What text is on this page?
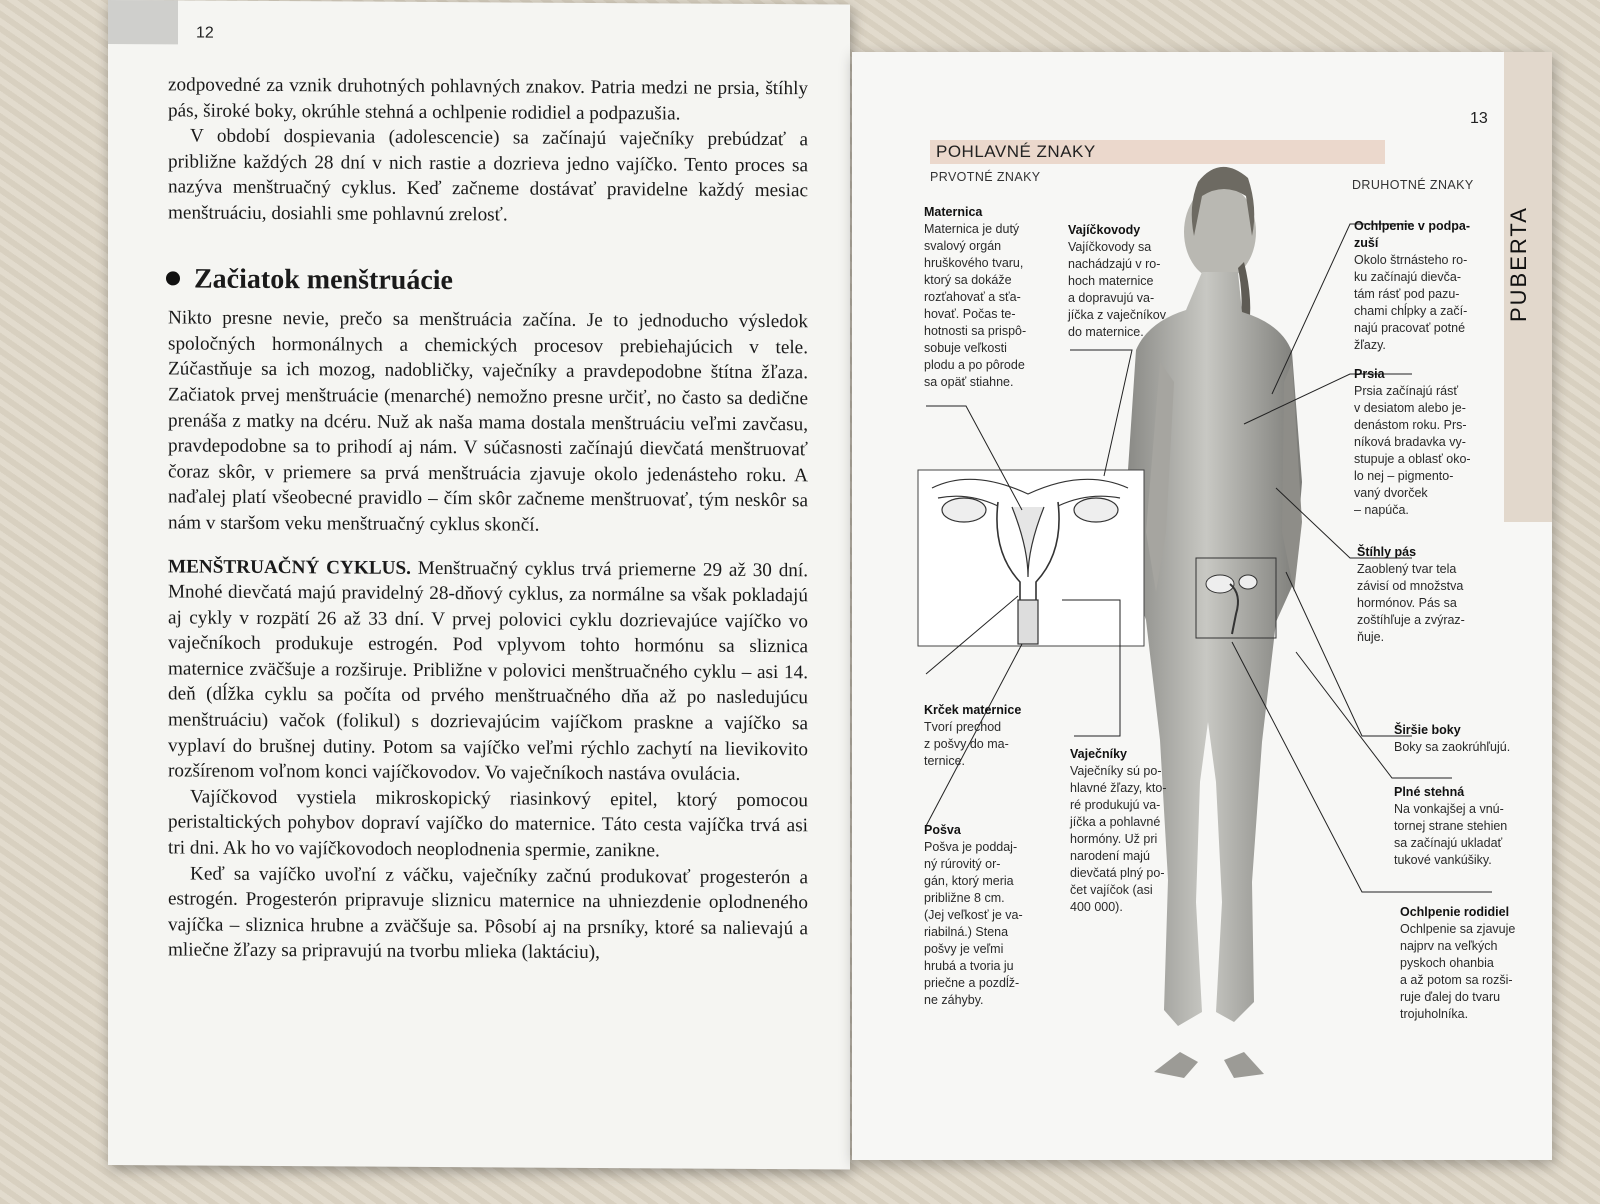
12

zodpovedné za vznik druhotných pohlavných znakov. Patria medzi ne prsia, štíhly pás, široké boky, okrúhle stehná a ochlpenie rodidiel a podpazušia.

V období dospievania (adolescencie) sa začínajú vaječníky prebúdzať a približne každých 28 dní v nich rastie a dozrieva jedno vajíčko. Tento proces sa nazýva menštruačný cyklus. Keď začneme dostávať pravidelne každý mesiac menštruáciu, dosiahli sme pohlavnú zrelosť.

Začiatok menštruácie

Nikto presne nevie, prečo sa menštruácia začína. Je to jednoducho výsledok spoločných hormonálnych a chemických procesov prebiehajúcich v tele. Zúčastňuje sa ich mozog, nadobličky, vaječníky a pravdepodobne štítna žľaza. Začiatok prvej menštruácie (menarché) nemožno presne určiť, no často sa dedične prenáša z matky na dcéru. Nuž ak naša mama dostala menštruáciu veľmi zavčasu, pravdepodobne sa to prihodí aj nám. V súčasnosti začínajú dievčatá menštruovať čoraz skôr, v priemere sa prvá menštruácia zjavuje okolo jedenásteho roku. A naďalej platí všeobecné pravidlo – čím skôr začneme menštruovať, tým neskôr sa nám v staršom veku menštruačný cyklus skončí.

MENŠTRUAČNÝ CYKLUS. Menštruačný cyklus trvá priemerne 29 až 30 dní. Mnohé dievčatá majú pravidelný 28-dňový cyklus, za normálne sa však pokladajú aj cykly v rozpätí 26 až 33 dní. V prvej polovici cyklu dozrievajúce vajíčko vo vaječníkoch produkuje estrogén. Pod vplyvom tohto hormónu sa sliznica maternice zväčšuje a rozširuje. Približne v polovici menštruačného cyklu – asi 14. deň (dĺžka cyklu sa počíta od prvého menštruačného dňa až po nasledujúcu menštruáciu) vačok (folikul) s dozrievajúcim vajíčkom praskne a vajíčko sa vyplaví do brušnej dutiny. Potom sa vajíčko veľmi rýchlo zachytí na lievikovito rozšírenom voľnom konci vajíčkovodov. Vo vaječníkoch nastáva ovulácia.

Vajíčkovod vystiela mikroskopický riasinkový epitel, ktorý pomocou peristaltických pohybov dopraví vajíčko do maternice. Táto cesta vajíčka trvá asi tri dni. Ak ho vo vajíčkovodoch neoplodnenia spermie, zanikne.

Keď sa vajíčko uvoľní z váčku, vaječníky začnú produkovať progesterón a estrogén. Progesterón pripravuje sliznicu maternice na uhniezdenie oplodneného vajíčka – sliznica hrubne a zväčšuje sa. Pôsobí aj na prsníky, ktoré sa nalievajú a mliečne žľazy sa pripravujú na tvorbu mlieka (laktáciu),

PUBERTA
13
POHLAVNÉ ZNAKY
PRVOTNÉ ZNAKY
DRUHOTNÉ ZNAKY
Maternica
Maternica je dutý
svalový orgán
hruškového tvaru,
ktorý sa dokáže
rozťahovať a sťa-
hovať. Počas te-
hotnosti sa prispô-
sobuje veľkosti
plodu a po pôrode
sa opäť stiahne.
Vajíčkovody
Vajíčkovody sa
nachádzajú v ro-
hoch maternice
a dopravujú va-
jíčka z vaječníkov
do maternice.
Krček maternice
Tvorí prechod
z pošvy do ma-
ternice.	Vaječníky
Vaječníky sú po-
hlavné žľazy, kto-
ré produkujú va-
jíčka a pohlavné
hormóny. Už pri
narodení majú
dievčatá plný po-
čet vajíčok (asi
400 000).
Pošva
Pošva je poddaj-
ný rúrovitý or-
gán, ktorý meria
približne 8 cm.
(Jej veľkosť je va-
riabilná.) Stena
pošvy je veľmi
hrubá a tvoria ju
priečne a pozdĺž-
ne záhyby.
Ochlpenie v podpa-
zuší
Okolo štrnásteho ro-
ku začínajú dievča-
tám rásť pod pazu-
chami chĺpky a začí-
najú pracovať potné
žľazy.
Prsia
Prsia začínajú rásť
v desiatom alebo je-
denástom roku. Prs-
níková bradavka vy-
stupuje a oblasť oko-
lo nej – pigmento-
vaný dvorček
– napúča.
Štíhly pás
Zaoblený tvar tela
závisí od množstva
hormónov. Pás sa
zoštíhľuje a zvýraz-
ňuje.
Širšie boky
Boky sa zaokrúhľujú.
Plné stehná
Na vonkajšej a vnú-
tornej strane stehien
sa začínajú ukladať
tukové vankúšiky.
Ochlpenie rodidiel
Ochlpenie sa zjavuje
najprv na veľkých
pyskoch ohanbia
a až potom sa rozši-
ruje ďalej do tvaru
trojuholníka.
